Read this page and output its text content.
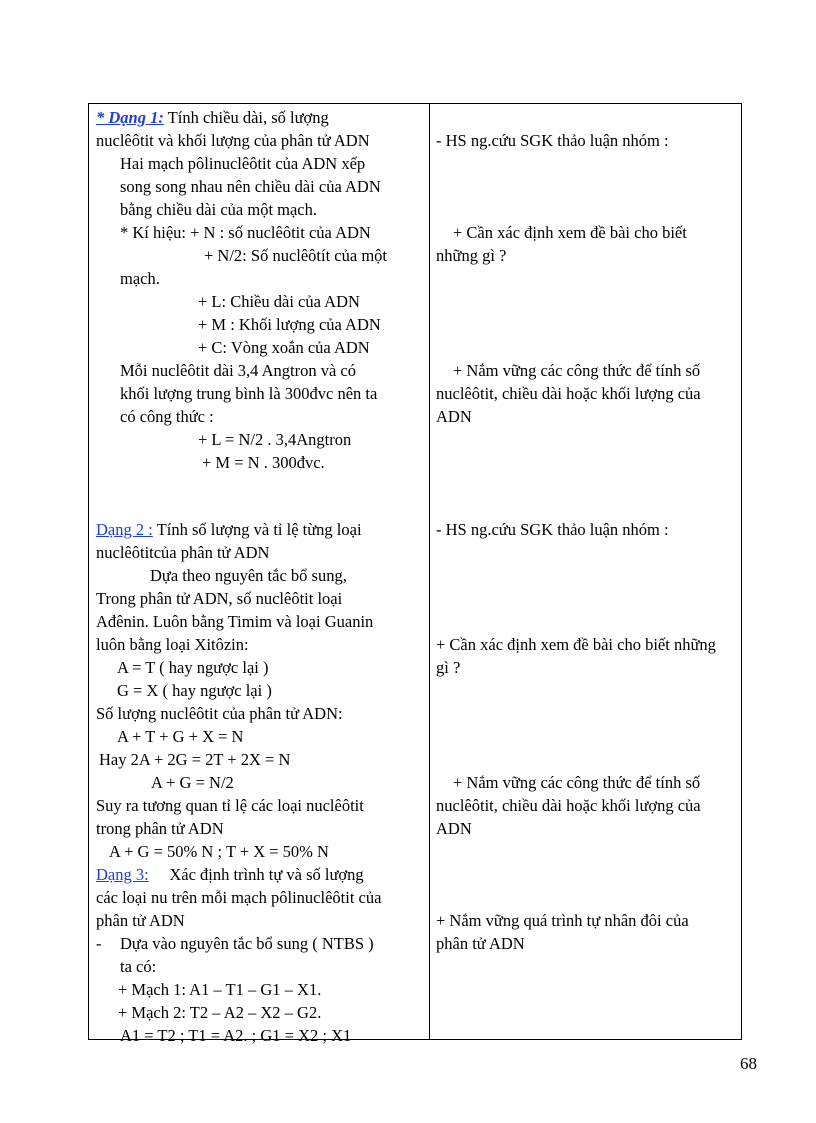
* Dạng 1: Tính chiều dài, số lượng
nuclêôtit và khối lượng của phân tử ADN
Hai mạch pôlinuclêôtit của ADN xếp
song song nhau nên chiều dài của ADN
bằng chiều dài của một mạch.
* Kí hiệu: + N : số nuclêôtit của ADN
+ N/2: Số nuclêôtít của một
mạch.
+ L: Chiều dài của ADN
+ M : Khối lượng của ADN
+ C: Vòng xoắn của ADN
Mỗi nuclêôtit dài 3,4 Angtron và có
khối lượng trung bình là 300đvc nên ta
có công thức :
+ L = N/2 . 3,4Angtron
+ M = N . 300đvc.
Dạng 2 : Tính số lượng và tỉ lệ từng loại
nuclêôtitcủa phân tử ADN
Dựa theo nguyên tắc bổ sung,
Trong phân tử ADN, số nuclêôtit loại
Ađênin. Luôn bằng Timim và loại Guanin
luôn bằng loại Xitôzin:
A = T ( hay ngược lại )
G = X ( hay ngược lại )
Số lượng nuclêôtit của phân tử ADN:
A + T + G + X = N
Hay 2A + 2G = 2T + 2X = N
A + G = N/2
Suy ra tương quan tỉ lệ các loại nuclêôtit
trong phân tử ADN
A + G = 50% N ; T + X = 50% N
Dạng 3:     Xác định trình tự và số lượng
các loại nu trên mỗi mạch pôlinuclêôtit của
phân tử ADN
- Dựa vào nguyên tắc bổ sung ( NTBS )
ta có:
+ Mạch 1: A1 – T1 – G1 – X1.
+ Mạch 2: T2 – A2 – X2 – G2.
A1 = T2 ; T1 = A2. ; G1 = X2 ; X1
- HS ng.cứu SGK thảo luận nhóm :
+ Cần xác định xem đề bài cho biết
những gì ?
+ Nắm vững các công thức để tính số
nuclêôtit, chiều dài hoặc khối lượng của
ADN
- HS ng.cứu SGK thảo luận nhóm :
+ Cần xác định xem đề bài cho biết những
gì ?
+ Nắm vững các công thức để tính số
nuclêôtit, chiều dài hoặc khối lượng của
ADN
+ Nắm vững quá trình tự nhân đôi của
phân tử ADN
68
